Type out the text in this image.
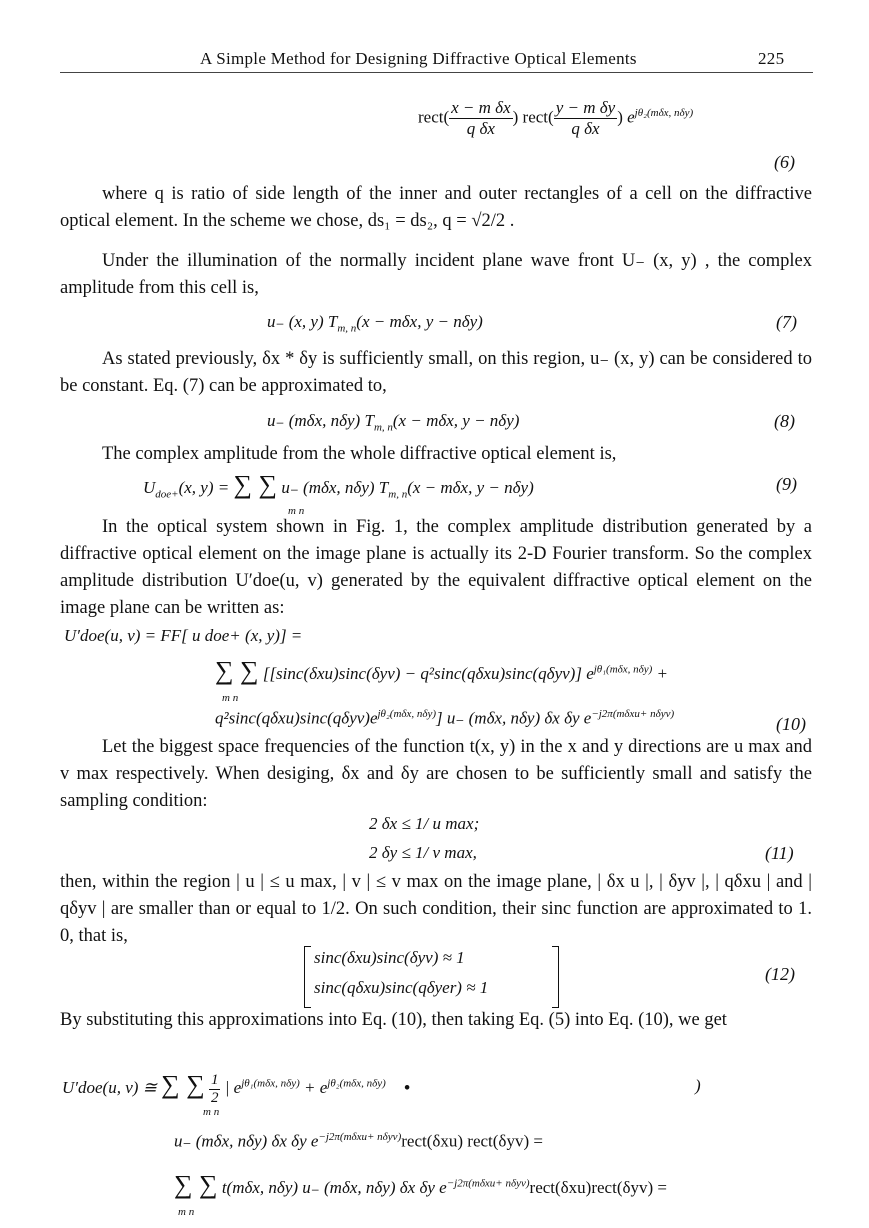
A Simple Method for Designing Diffractive Optical Elements	225
rect( $\frac{\text{x − m δx}}{\text{q δx}}$ ) rect( $\frac{\text{y − m δy}}{\text{q δx}}$ ) $e^{j\theta_2(m\delta x, n\delta y)}$
(6)
where q is ratio of side length of the inner and outer rectangles of a cell on the diffractive optical element. In the scheme we chose, ds₁ = ds₂, q = √2/2 .
Under the illumination of the normally incident plane wave front U₋ (x, y) , the complex amplitude from this cell is,
u₋ (x, y) $T_{m, n}(x - m\delta x$, y − nδy)	(7)
As stated previously, δx * δy is sufficiently small, on this region, u₋ (x, y) can be considered to be constant. Eq. (7) can be approximated to,
u₋ (mδx, nδy) $T_{m, n}(x - m\delta x$, y − nδy)	(8)
The complex amplitude from the whole diffractive optical element is,
$U_{doe+}(x$, y) = ∑ ∑ u₋ (mδx, nδy) $T_{m, n}(x - m\delta x$, y − nδy)
m n
(9)
In the optical system shown in Fig. 1, the complex amplitude distribution generated by a diffractive optical element on the image plane is actually its 2-D Fourier transform. So the complex amplitude distribution U′doe(u, v) generated by the equivalent diffractive optical element on the image plane can be written as:
U′doe(u, v) = FF[ u doe+ (x, y)] =
∑ ∑ [[sinc(δxu)sinc(δyv) − q²sinc(qδxu)sinc(qδyv)] $e^{j\theta_1(m\delta x, n\delta y)}$ +
m n
$q^2\sin c(q\delta xu)\sin c(q\delta yv)e^{j\theta_2(m\delta x, n\delta y)}$] u₋ (mδx, nδy) δx δy $e^{-j2\pi(m\delta xu+ n\delta yv)}$	(10)
Let the biggest space frequencies of the function t(x, y) in the x and y directions are u max and v max respectively. When desiging, δx and δy are chosen to be sufficiently small and satisfy the sampling condition:
2 δx ≤ 1/ u max;
2 δy ≤ 1/ v max,	(11)
then, within the region | u | ≤ u max, | v | ≤ v max on the image plane, | δx u |, | δyv |, | qδxu | and | qδyv | are smaller than or equal to 1/2. On such condition, their sinc function are approximated to 1. 0, that is,
sinc(δxu)sinc(δyv) ≈ 1
sinc(qδxu)sinc(qδyer) ≈ 1
(12)
By substituting this approximations into Eq. (10), then taking Eq. (5) into Eq. (10), we get
U′doe(u, v) ≅ ∑ ∑ $\frac{1}{2}$ | $e^{j\theta_1(m\delta x, n\delta y)} + e^{j\theta_2(m\delta x, n\delta y)}$ •	)
m n
u₋ (mδx, nδy) δx δy $e^{-j2\pi(m\delta xu+ n\delta yv)}rect(\delta xu)$ rect(δyv) =
∑ ∑ t(mδx, nδy) u₋ (mδx, nδy) δx δy $e^{-j2\pi(m\delta xu+ n\delta yv)}rect(\delta xu)rect(\delta yv)$ =
m n
